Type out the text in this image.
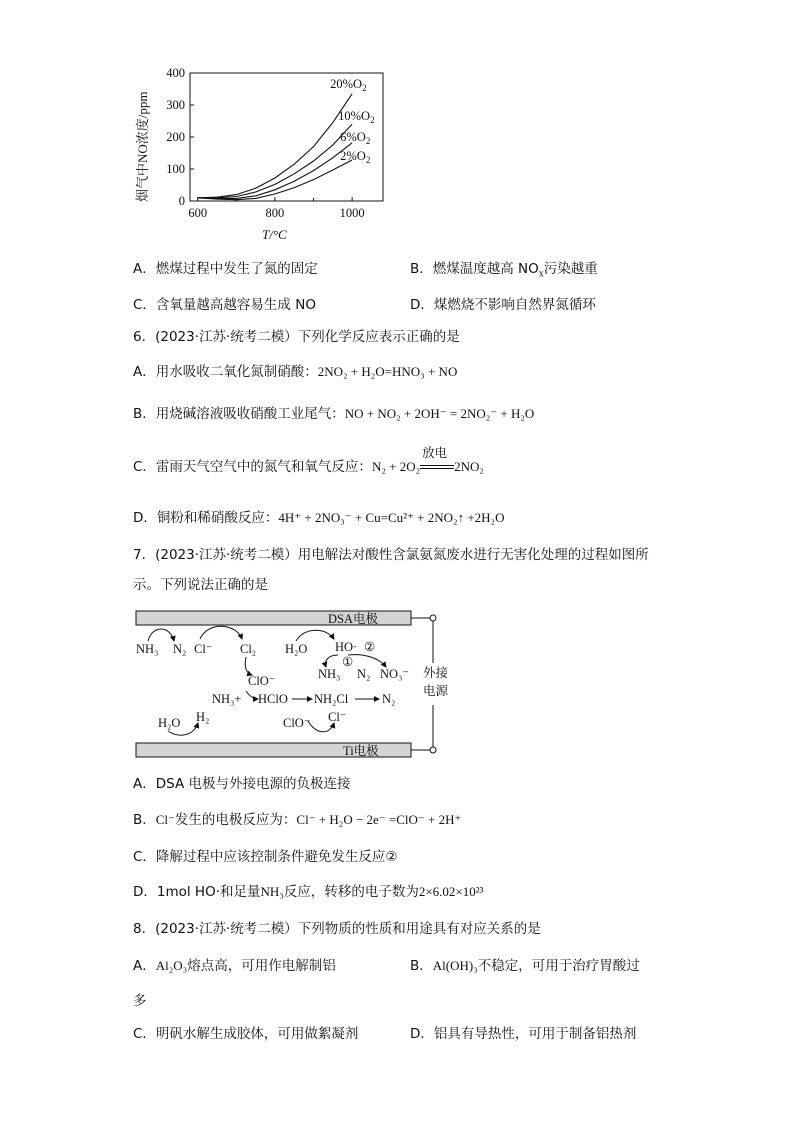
0
100
200
300
400
600	800	1000
$20\%O_2$
$10\%O_2$
$6\%O_2$
$2\%O_2$
烟气中NO浓度/ppm
T/°C
A．燃煤过程中发生了氮的固定	B．燃煤温度越高 $NO_x$污染越重
C．含氧量越高越容易生成 NO	D．煤燃烧不影响自然界氮循环
6．(2023·江苏·统考二模）下列化学反应表示正确的是
A．用水吸收二氧化氮制硝酸：2NO₂ + H₂O=HNO₃ + NO
B．用烧碱溶液吸收硝酸工业尾气：NO + NO₂ + 2OH⁻ = 2NO₂⁻ + H₂O
C．雷雨天气空气中的氮气和氧气反应：N₂ + 2O₂
放电
2NO₂
D．铜粉和稀硝酸反应：4H⁺ + 2NO₃⁻ + Cu=Cu²⁺ + 2NO₂↑ +2H₂O
7．(2023·江苏·统考二模）用电解法对酸性含氯氨氮废水进行无害化处理的过程如图所
示。下列说法正确的是
DSA电极
Ti电极
外接
电源
NH₃ N₂ Cl⁻ Cl₂ H₂O HO· ②
①
NH₃ N₂ NO₃⁻
ClO⁻
NH₃+ HClO NH₂Cl	N₂
H₂O H₂	ClO⁻ Cl⁻
A．DSA 电极与外接电源的负极连接
B．Cl⁻发生的电极反应为：Cl⁻ + H₂O − 2e⁻ =ClO⁻ + 2H⁺
C．降解过程中应该控制条件避免发生反应②
D．1mol HO·和足量NH₃反应，转移的电子数为2×6.02×10²³
8．(2023·江苏·统考二模）下列物质的性质和用途具有对应关系的是
A．Al₂O₃熔点高，可用作电解制铝	B．Al(OH)₃不稳定，可用于治疗胃酸过
多
C．明矾水解生成胶体，可用做絮凝剂	D．铝具有导热性，可用于制备铝热剂
